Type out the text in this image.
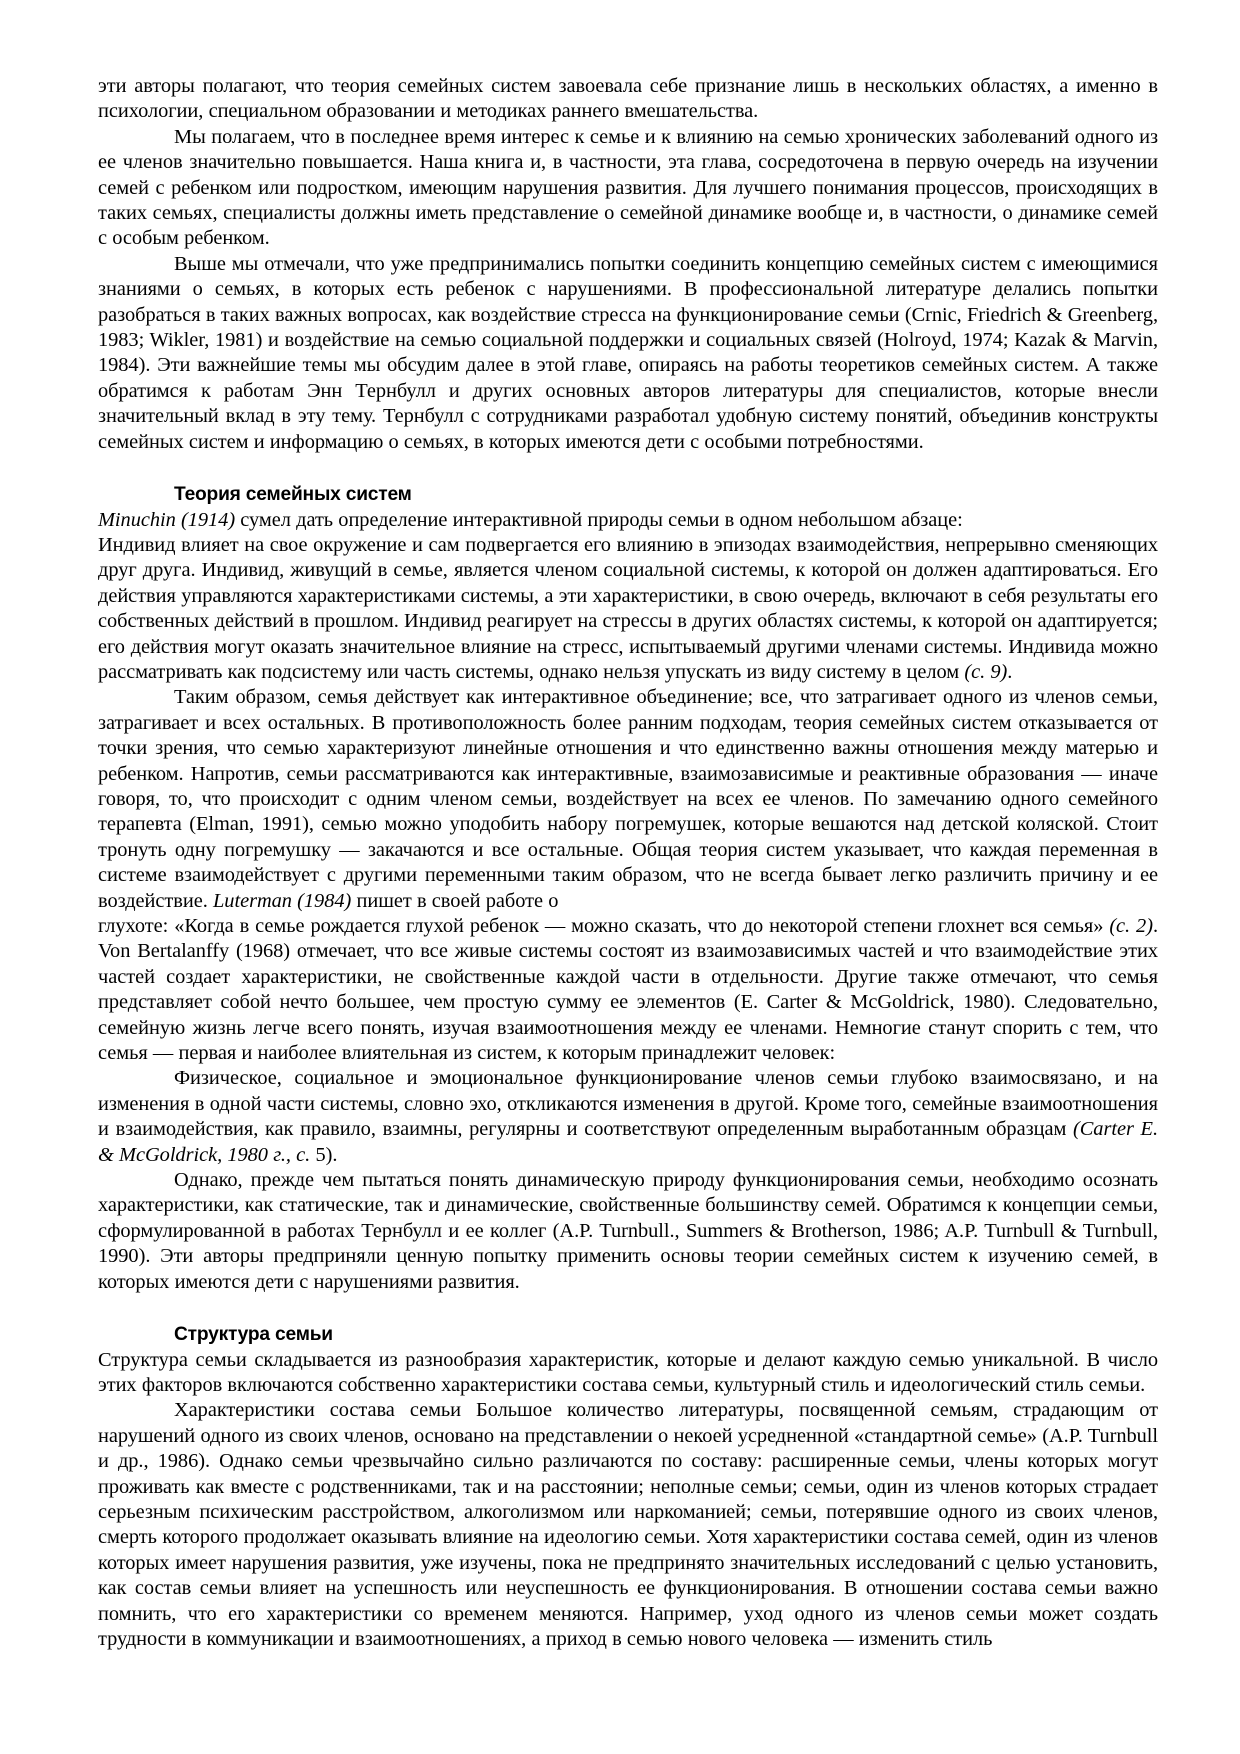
эти авторы полагают, что теория семейных систем завоевала себе признание лишь в нескольких областях, а именно в психологии, специальном образовании и методиках раннего вмешательства.

Мы полагаем, что в последнее время интерес к семье и к влиянию на семью хронических заболеваний одного из ее членов значительно повышается. Наша книга и, в частности, эта глава, сосредоточена в первую очередь на изучении семей с ребенком или подростком, имеющим нарушения развития. Для лучшего понимания процессов, происходящих в таких семьях, специалисты должны иметь представление о семейной динамике вообще и, в частности, о динамике семей с особым ребенком.

Выше мы отмечали, что уже предпринимались попытки соединить концепцию семейных систем с имеющимися знаниями о семьях, в которых есть ребенок с нарушениями. В профессиональной литературе делались попытки разобраться в таких важных вопросах, как воздействие стресса на функционирование семьи (Crnic, Friedrich & Greenberg, 1983; Wikler, 1981) и воздействие на семью социальной поддержки и социальных связей (Holroyd, 1974; Kazak & Marvin, 1984). Эти важнейшие темы мы обсудим далее в этой главе, опираясь на работы теоретиков семейных систем. А также обратимся к работам Энн Тернбулл и других основных авторов литературы для специалистов, которые внесли значительный вклад в эту тему. Тернбулл с сотрудниками разработал удобную систему понятий, объединив конструкты семейных систем и информацию о семьях, в которых имеются дети с особыми потребностями.

Теория семейных систем

Minuchin (1914) сумел дать определение интерактивной природы семьи в одном небольшом абзаце:

Индивид влияет на свое окружение и сам подвергается его влиянию в эпизодах взаимодействия, непрерывно сменяющих друг друга. Индивид, живущий в семье, является членом социальной системы, к которой он должен адаптироваться. Его действия управляются характеристиками системы, а эти характеристики, в свою очередь, включают в себя результаты его собственных действий в прошлом. Индивид реагирует на стрессы в других областях системы, к которой он адаптируется; его действия могут оказать значительное влияние на стресс, испытываемый другими членами системы. Индивида можно рассматривать как подсистему или часть системы, однако нельзя упускать из виду систему в целом (с. 9).

Таким образом, семья действует как интерактивное объединение; все, что затрагивает одного из членов семьи, затрагивает и всех остальных. В противоположность более ранним подходам, теория семейных систем отказывается от точки зрения, что семью характеризуют линейные отношения и что единственно важны отношения между матерью и ребенком. Напротив, семьи рассматриваются как интерактивные, взаимозависимые и реактивные образования — иначе говоря, то, что происходит с одним членом семьи, воздействует на всех ее членов. По замечанию одного семейного терапевта (Elman, 1991), семью можно уподобить набору погремушек, которые вешаются над детской коляской. Стоит тронуть одну погремушку — закачаются и все остальные. Общая теория систем указывает, что каждая переменная в системе взаимодействует с другими переменными таким образом, что не всегда бывает легко различить причину и ее воздействие. Luterman (1984) пишет в своей работе о

глухоте: «Когда в семье рождается глухой ребенок — можно сказать, что до некоторой степени глохнет вся семья» (с. 2). Von Bertalanffy (1968) отмечает, что все живые системы состоят из взаимозависимых частей и что взаимодействие этих частей создает характеристики, не свойственные каждой части в отдельности. Другие также отмечают, что семья представляет собой нечто большее, чем простую сумму ее элементов (E. Carter & McGoldrick, 1980). Следовательно, семейную жизнь легче всего понять, изучая взаимоотношения между ее членами. Немногие станут спорить с тем, что семья — первая и наиболее влиятельная из систем, к которым принадлежит человек:

Физическое, социальное и эмоциональное функционирование членов семьи глубоко взаимосвязано, и на изменения в одной части системы, словно эхо, откликаются изменения в другой. Кроме того, семейные взаимоотношения и взаимодействия, как правило, взаимны, регулярны и соответствуют определенным выработанным образцам (Carter E. & McGoldrick, 1980 г., с. 5).

Однако, прежде чем пытаться понять динамическую природу функционирования семьи, необходимо осознать характеристики, как статические, так и динамические, свойственные большинству семей. Обратимся к концепции семьи, сформулированной в работах Тернбулл и ее коллег (A.P. Turnbull., Summers & Brotherson, 1986; A.P. Turnbull & Turnbull, 1990). Эти авторы предприняли ценную попытку применить основы теории семейных систем к изучению семей, в которых имеются дети с нарушениями развития.

Структура семьи

Структура семьи складывается из разнообразия характеристик, которые и делают каждую семью уникальной. В число этих факторов включаются собственно характеристики состава семьи, культурный стиль и идеологический стиль семьи.

Характеристики состава семьи Большое количество литературы, посвященной семьям, страдающим от нарушений одного из своих членов, основано на представлении о некоей усредненной «стандартной семье» (A.P. Turnbull и др., 1986). Однако семьи чрезвычайно сильно различаются по составу: расширенные семьи, члены которых могут проживать как вместе с родственниками, так и на расстоянии; неполные семьи; семьи, один из членов которых страдает серьезным психическим расстройством, алкоголизмом или наркоманией; семьи, потерявшие одного из своих членов, смерть которого продолжает оказывать влияние на идеологию семьи. Хотя характеристики состава семей, один из членов которых имеет нарушения развития, уже изучены, пока не предпринято значительных исследований с целью установить, как состав семьи влияет на успешность или неуспешность ее функционирования. В отношении состава семьи важно помнить, что его характеристики со временем меняются. Например, уход одного из членов семьи может создать трудности в коммуникации и взаимоотношениях, а приход в семью нового человека — изменить стиль
